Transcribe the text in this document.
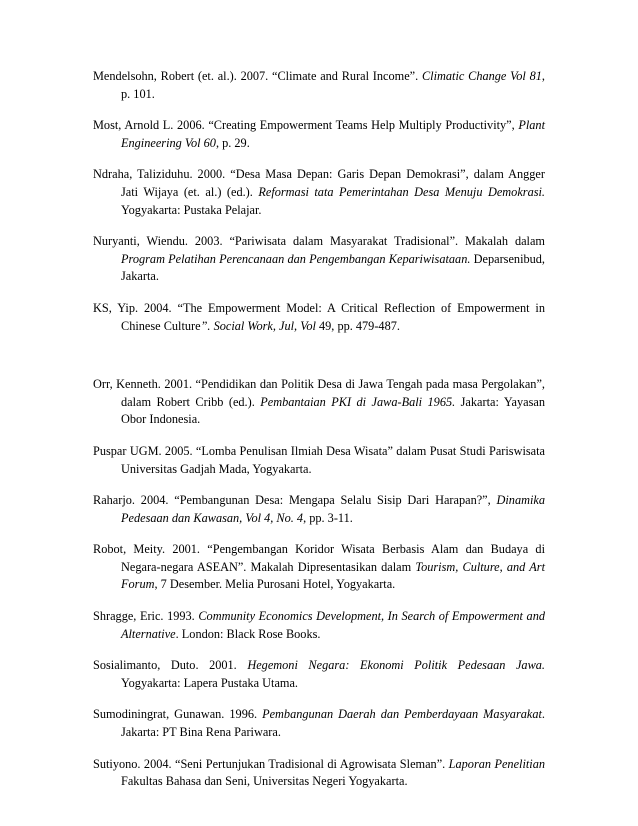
Mendelsohn, Robert (et. al.). 2007. “Climate and Rural Income”. Climatic Change Vol 81, p. 101.

Most, Arnold L. 2006. “Creating Empowerment Teams Help Multiply Productivity”, Plant Engineering Vol 60, p. 29.

Ndraha, Taliziduhu. 2000. “Desa Masa Depan: Garis Depan Demokrasi”, dalam Angger Jati Wijaya (et. al.) (ed.). Reformasi tata Pemerintahan Desa Menuju Demokrasi. Yogyakarta: Pustaka Pelajar.

Nuryanti, Wiendu. 2003. “Pariwisata dalam Masyarakat Tradisional”. Makalah dalam Program Pelatihan Perencanaan dan Pengembangan Kepariwisataan. Deparsenibud, Jakarta.

KS, Yip. 2004. “The Empowerment Model: A Critical Reflection of Empowerment in Chinese Culture”. Social Work, Jul, Vol 49, pp. 479-487.

Orr, Kenneth. 2001. “Pendidikan dan Politik Desa di Jawa Tengah pada masa Pergolakan”, dalam Robert Cribb (ed.). Pembantaian PKI di Jawa-Bali 1965. Jakarta: Yayasan Obor Indonesia.

Puspar UGM. 2005. “Lomba Penulisan Ilmiah Desa Wisata” dalam Pusat Studi Pariswisata Universitas Gadjah Mada, Yogyakarta.

Raharjo. 2004. “Pembangunan Desa: Mengapa Selalu Sisip Dari Harapan?”, Dinamika Pedesaan dan Kawasan, Vol 4, No. 4, pp. 3-11.

Robot, Meity. 2001. “Pengembangan Koridor Wisata Berbasis Alam dan Budaya di Negara-negara ASEAN”. Makalah Dipresentasikan dalam Tourism, Culture, and Art Forum, 7 Desember. Melia Purosani Hotel, Yogyakarta.

Shragge, Eric. 1993. Community Economics Development, In Search of Empowerment and Alternative. London: Black Rose Books.

Sosialimanto, Duto. 2001. Hegemoni Negara: Ekonomi Politik Pedesaan Jawa. Yogyakarta: Lapera Pustaka Utama.

Sumodiningrat, Gunawan. 1996. Pembangunan Daerah dan Pemberdayaan Masyarakat. Jakarta: PT Bina Rena Pariwara.

Sutiyono. 2004. “Seni Pertunjukan Tradisional di Agrowisata Sleman”. Laporan Penelitian Fakultas Bahasa dan Seni, Universitas Negeri Yogyakarta.
